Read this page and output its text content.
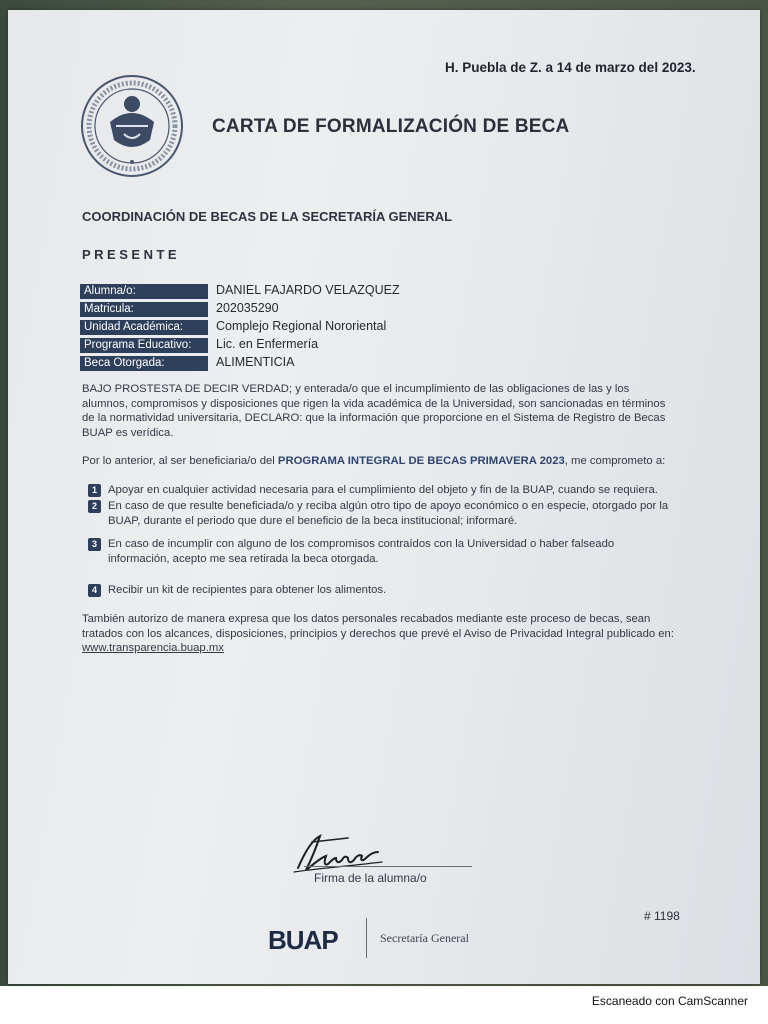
H. Puebla de Z. a 14 de marzo del 2023.
CARTA DE FORMALIZACIÓN DE BECA
COORDINACIÓN DE BECAS DE LA SECRETARÍA GENERAL
PRESENTE
Alumna/o:	DANIEL FAJARDO VELAZQUEZ
Matricula:	202035290
Unidad Académica:	Complejo Regional Nororiental
Programa Educativo:	Lic. en Enfermería
Beca Otorgada:	ALIMENTICIA
BAJO PROSTESTA DE DECIR VERDAD; y enterada/o que el incumplimiento de las obligaciones de las y los alumnos, compromisos y disposiciones que rigen la vida académica de la Universidad, son sancionadas en términos de la normatividad universitaria, DECLARO: que la información que proporcione en el Sistema de Registro de Becas BUAP es verídica.
Por lo anterior, al ser beneficiaria/o del PROGRAMA INTEGRAL DE BECAS PRIMAVERA 2023, me comprometo a:
1 Apoyar en cualquier actividad necesaria para el cumplimiento del objeto y fin de la BUAP, cuando se requiera.
2 En caso de que resulte beneficiada/o y reciba algún otro tipo de apoyo económico o en especie, otorgado por la BUAP, durante el periodo que dure el beneficio de la beca institucional; informaré.
3 En caso de incumplir con alguno de los compromisos contraídos con la Universidad o haber falseado información, acepto me sea retirada la beca otorgada.
4 Recibir un kit de recipientes para obtener los alimentos.
También autorizo de manera expresa que los datos personales recabados mediante este proceso de becas, sean tratados con los alcances, disposiciones, principios y derechos que prevé el Aviso de Privacidad Integral publicado en:
www.transparencia.buap.mx
Firma de la alumna/o
# 1198
BUAP	Secretaría General
Escaneado con CamScanner
